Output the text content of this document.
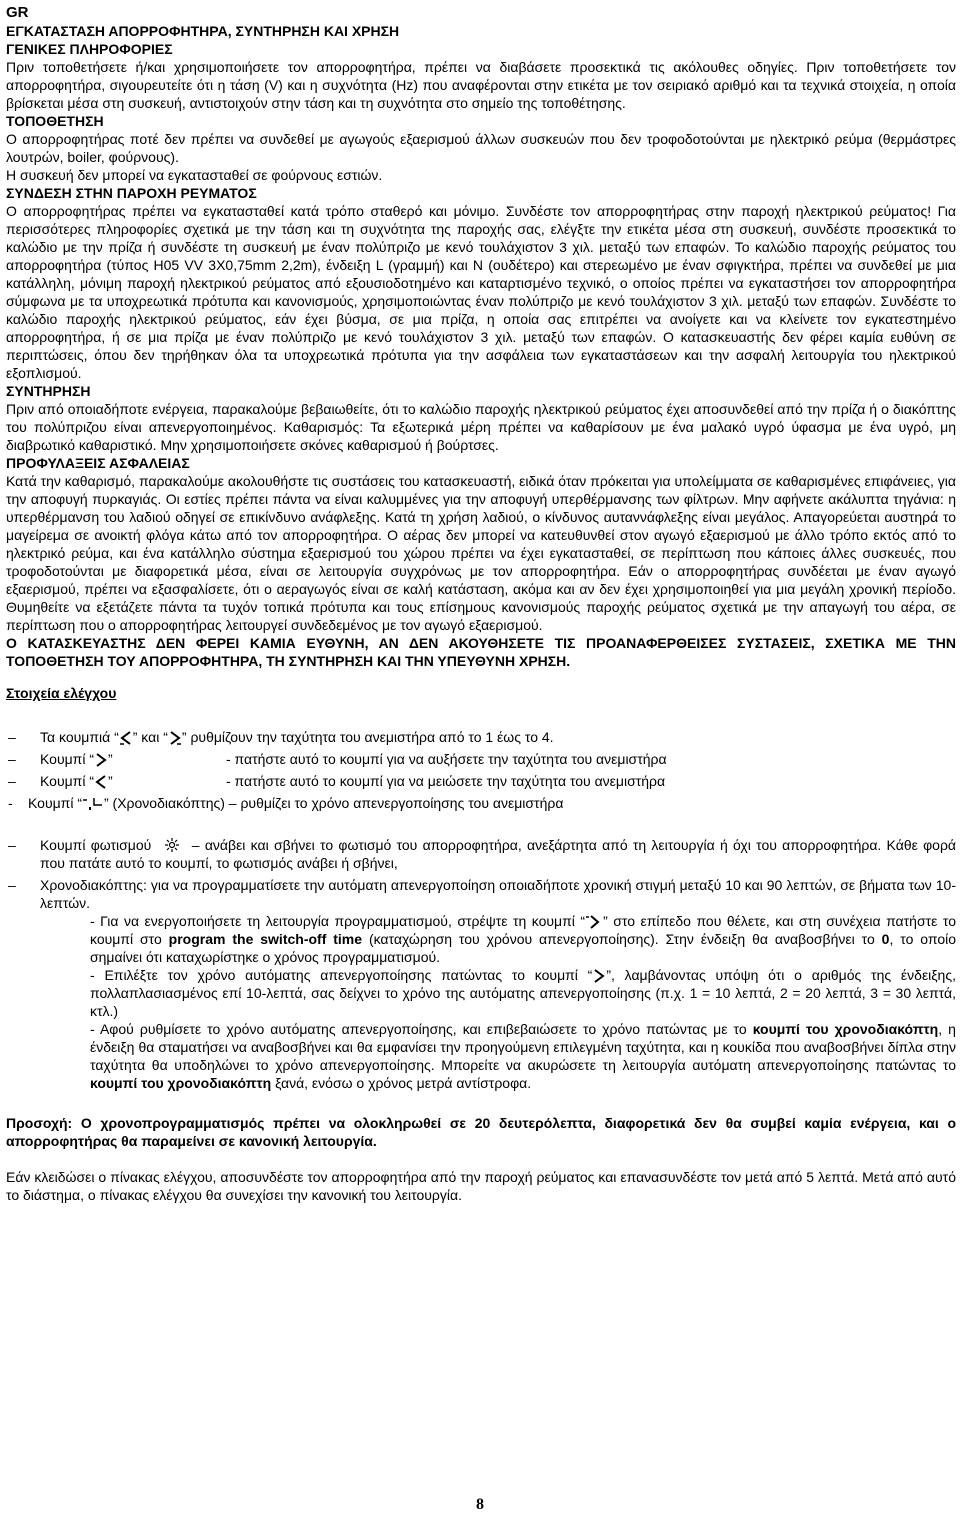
GR
ΕΓΚΑΤΑΣΤΑΣΗ ΑΠΟΡΡΟΦΗΤΗΡΑ, ΣΥΝΤΗΡΗΣΗ ΚΑΙ ΧΡΗΣΗ
ΓΕΝΙΚΕΣ ΠΛΗΡΟΦΟΡΙΕΣ

Πριν τοποθετήσετε ή/και χρησιμοποιήσετε τον απορροφητήρα, πρέπει να διαβάσετε προσεκτικά τις ακόλουθες οδηγίες. Πριν τοποθετήσετε τον απορροφητήρα, σιγουρευτείτε ότι η τάση (V) και η συχνότητα (Hz) που αναφέρονται στην ετικέτα με τον σειριακό αριθμό και τα τεχνικά στοιχεία, η οποία βρίσκεται μέσα στη συσκευή, αντιστοιχούν στην τάση και τη συχνότητα στο σημείο της τοποθέτησης.

ΤΟΠΟΘΕΤΗΣΗ

Ο απορροφητήρας ποτέ δεν πρέπει να συνδεθεί με αγωγούς εξαερισμού άλλων συσκευών που δεν τροφοδοτούνται με ηλεκτρικό ρεύμα (θερμάστρες λουτρών, boiler, φούρνους).

Η συσκευή δεν μπορεί να εγκατασταθεί σε φούρνους εστιών.

ΣΥΝΔΕΣΗ ΣΤΗΝ ΠΑΡΟΧΗ ΡΕΥΜΑΤΟΣ

Ο απορροφητήρας πρέπει να εγκατασταθεί κατά τρόπο σταθερό και μόνιμο. Συνδέστε τον απορροφητήρας στην παροχή ηλεκτρικού ρεύματος! Για περισσότερες πληροφορίες σχετικά με την τάση και τη συχνότητα της παροχής σας, ελέγξτε την ετικέτα μέσα στη συσκευή, συνδέστε προσεκτικά το καλώδιο με την πρίζα ή συνδέστε τη συσκευή με έναν πολύπριζο με κενό τουλάχιστον 3 χιλ. μεταξύ των επαφών. Το καλώδιο παροχής ρεύματος του απορροφητήρα (τύπος H05 VV 3X0,75mm 2,2m), ένδειξη L (γραμμή) και N (ουδέτερο) και στερεωμένο με έναν σφιγκτήρα, πρέπει να συνδεθεί με μια κατάλληλη, μόνιμη παροχή ηλεκτρικού ρεύματος από εξουσιοδοτημένο και καταρτισμένο τεχνικό, ο οποίος πρέπει να εγκαταστήσει τον απορροφητήρα σύμφωνα με τα υποχρεωτικά πρότυπα και κανονισμούς, χρησιμοποιώντας έναν πολύπριζο με κενό τουλάχιστον 3 χιλ. μεταξύ των επαφών. Συνδέστε το καλώδιο παροχής ηλεκτρικού ρεύματος, εάν έχει βύσμα, σε μια πρίζα, η οποία σας επιτρέπει να ανοίγετε και να κλείνετε τον εγκατεστημένο απορροφητήρα, ή σε μια πρίζα με έναν πολύπριζο με κενό τουλάχιστον 3 χιλ. μεταξύ των επαφών. Ο κατασκευαστής δεν φέρει καμία ευθύνη σε περιπτώσεις, όπου δεν τηρήθηκαν όλα τα υποχρεωτικά πρότυπα για την ασφάλεια των εγκαταστάσεων και την ασφαλή λειτουργία του ηλεκτρικού εξοπλισμού.

ΣΥΝΤΗΡΗΣΗ

Πριν από οποιαδήποτε ενέργεια, παρακαλούμε βεβαιωθείτε, ότι το καλώδιο παροχής ηλεκτρικού ρεύματος έχει αποσυνδεθεί από την πρίζα ή ο διακόπτης του πολύπριζου είναι απενεργοποιημένος. Καθαρισμός: Τα εξωτερικά μέρη πρέπει να καθαρίσουν με ένα μαλακό υγρό ύφασμα με ένα υγρό, μη διαβρωτικό καθαριστικό. Μην χρησιμοποιήσετε σκόνες καθαρισμού ή βούρτσες.

ΠΡΟΦΥΛΑΞΕΙΣ ΑΣΦΑΛΕΙΑΣ

Κατά την καθαρισμό, παρακαλούμε ακολουθήστε τις συστάσεις του κατασκευαστή, ειδικά όταν πρόκειται για υπολείμματα σε καθαρισμένες επιφάνειες, για την αποφυγή πυρκαγιάς. Οι εστίες πρέπει πάντα να είναι καλυμμένες για την αποφυγή υπερθέρμανσης των φίλτρων. Μην αφήνετε ακάλυπτα τηγάνια: η υπερθέρμανση του λαδιού οδηγεί σε επικίνδυνο ανάφλεξης. Κατά τη χρήση λαδιού, ο κίνδυνος αυταννάφλεξης είναι μεγάλος. Απαγορεύεται αυστηρά το μαγείρεμα σε ανοικτή φλόγα κάτω από τον απορροφητήρα. Ο αέρας δεν μπορεί να κατευθυνθεί στον αγωγό εξαερισμού με άλλο τρόπο εκτός από το ηλεκτρικό ρεύμα, και ένα κατάλληλο σύστημα εξαερισμού του χώρου πρέπει να έχει εγκατασταθεί, σε περίπτωση που κάποιες άλλες συσκευές, που τροφοδοτούνται με διαφορετικά μέσα, είναι σε λειτουργία συγχρόνως με τον απορροφητήρα. Εάν ο απορροφητήρας συνδέεται με έναν αγωγό εξαερισμού, πρέπει να εξασφαλίσετε, ότι ο αεραγωγός είναι σε καλή κατάσταση, ακόμα και αν δεν έχει χρησιμοποιηθεί για μια μεγάλη χρονική περίοδο. Θυμηθείτε να εξετάζετε πάντα τα τυχόν τοπικά πρότυπα και τους επίσημους κανονισμούς παροχής ρεύματος σχετικά με την απαγωγή του αέρα, σε περίπτωση που ο απορροφητήρας λειτουργεί συνδεδεμένος με τον αγωγό εξαερισμού.

Ο ΚΑΤΑΣΚΕΥΑΣΤΗΣ ΔΕΝ ΦΕΡΕΙ ΚΑΜΙΑ ΕΥΘΥΝΗ, ΑΝ ΔΕΝ ΑΚΟΥΘΗΣΕΤΕ ΤΙΣ ΠΡΟΑΝΑΦΕΡΘΕΙΣΕΣ ΣΥΣΤΑΣΕΙΣ, ΣΧΕΤΙΚΑ ΜΕ ΤΗΝ ΤΟΠΟΘΕΤΗΣΗ ΤΟΥ ΑΠΟΡΡΟΦΗΤΗΡΑ, ΤΗ ΣΥΝΤΗΡΗΣΗ ΚΑΙ ΤΗΝ ΥΠΕΥΘΥΝΗ ΧΡΗΣΗ.

Στοιχεία ελέγχου
– Τα κουμπιά “ ” και “ ” ρυθμίζουν την ταχύτητα του ανεμιστήρα από το 1 έως το 4.
– Κουμπί “ ”	- πατήστε αυτό το κουμπί για να αυξήσετε την ταχύτητα του ανεμιστήρα
– Κουμπί “ ”	- πατήστε αυτό το κουμπί για να μειώσετε την ταχύτητα του ανεμιστήρα
- Κουμπί “ ” (Χρονοδιακόπτης) – ρυθμίζει το χρόνο απενεργοποίησης του ανεμιστήρα
– Κουμπί φωτισμού	– ανάβει και σβήνει το φωτισμό του απορροφητήρα, ανεξάρτητα από τη λειτουργία ή όχι του απορροφητήρα. Κάθε φορά που πατάτε αυτό το κουμπί, το φωτισμός ανάβει ή σβήνει,
– Χρονοδιακόπτης: για να προγραμματίσετε την αυτόματη απενεργοποίηση οποιαδήποτε χρονική στιγμή μεταξύ 10 και 90 λεπτών, σε βήματα των 10-λεπτών.

- Για να ενεργοποιήσετε τη λειτουργία προγραμματισμού, στρέψτε τη κουμπί “ ” στο επίπεδο που θέλετε, και στη συνέχεια πατήστε το κουμπί στο program the switch-off time (καταχώρηση του χρόνου απενεργοποίησης). Στην ένδειξη θα αναβοσβήνει το 0, το οποίο σημαίνει ότι καταχωρίστηκε ο χρόνος προγραμματισμού.

- Επιλέξτε τον χρόνο αυτόματης απενεργοποίησης πατώντας το κουμπί “ ”, λαμβάνοντας υπόψη ότι ο αριθμός της ένδειξης, πολλαπλασιασμένος επί 10-λεπτά, σας δείχνει το χρόνο της αυτόματης απενεργοποίησης (π.χ. 1 = 10 λεπτά, 2 = 20 λεπτά, 3 = 30 λεπτά, κτλ.)

- Αφού ρυθμίσετε το χρόνο αυτόματης απενεργοποίησης, και επιβεβαιώσετε το χρόνο πατώντας με το κουμπί του χρονοδιακόπτη, η ένδειξη θα σταματήσει να αναβοσβήνει και θα εμφανίσει την προηγούμενη επιλεγμένη ταχύτητα, και η κουκίδα που αναβοσβήνει δίπλα στην ταχύτητα θα υποδηλώνει το χρόνο απενεργοποίησης. Μπορείτε να ακυρώσετε τη λειτουργία αυτόματη απενεργοποίησης πατώντας το κουμπί του χρονοδιακόπτη ξανά, ενόσω ο χρόνος μετρά αντίστροφα.

Προσοχή: Ο χρονοπρογραμματισμός πρέπει να ολοκληρωθεί σε 20 δευτερόλεπτα, διαφορετικά δεν θα συμβεί καμία ενέργεια, και ο απορροφητήρας θα παραμείνει σε κανονική λειτουργία.

Εάν κλειδώσει ο πίνακας ελέγχου, αποσυνδέστε τον απορροφητήρα από την παροχή ρεύματος και επανασυνδέστε τον μετά από 5 λεπτά. Μετά από αυτό το διάστημα, ο πίνακας ελέγχου θα συνεχίσει την κανονική του λειτουργία.

8
